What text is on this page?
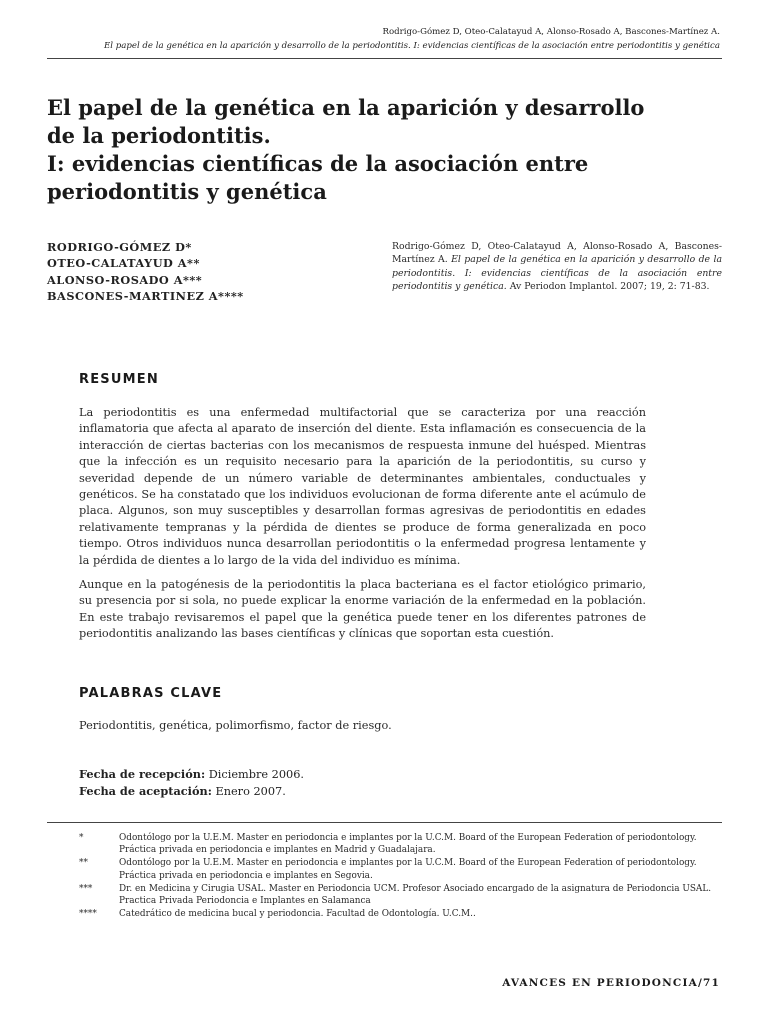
Rodrigo-Gómez D, Oteo-Calatayud A, Alonso-Rosado A, Bascones-Martínez A.
El papel de la genética en la aparición y desarrollo de la periodontitis. I: evidencias científicas de la asociación entre periodontitis y genética
El papel de la genética en la aparición y desarrollo
de la periodontitis.
I: evidencias científicas de la asociación entre
periodontitis y genética
RODRIGO-GÓMEZ D*
OTEO-CALATAYUD A**
ALONSO-ROSADO A***
BASCONES-MARTINEZ A****
Rodrigo-Gómez D, Oteo-Calatayud A, Alonso-Rosado A, Bascones-Martínez A. El papel de la genética en la aparición y desarrollo de la periodontitis. I: evidencias científicas de la asociación entre periodontitis y genética. Av Periodon Implantol. 2007; 19, 2: 71-83.
RESUMEN
La periodontitis es una enfermedad multifactorial que se caracteriza por una reacción inflamatoria que afecta al aparato de inserción del diente. Esta inflamación es consecuencia de la interacción de ciertas bacterias con los mecanismos de respuesta inmune del huésped. Mientras que la infección es un requisito necesario para la aparición de la periodontitis, su curso y severidad depende de un número variable de determinantes ambientales, conductuales y genéticos. Se ha constatado que los individuos evolucionan de forma diferente ante el acúmulo de placa. Algunos, son muy susceptibles y desarrollan formas agresivas de periodontitis en edades relativamente tempranas y la pérdida de dientes se produce de forma generalizada en poco tiempo. Otros individuos nunca desarrollan periodontitis o la enfermedad progresa lentamente y la pérdida de dientes a lo largo de la vida del individuo es mínima.
Aunque en la patogénesis de la periodontitis la placa bacteriana es el factor etiológico primario, su presencia por si sola, no puede explicar la enorme variación de la enfermedad en la población. En este trabajo revisaremos el papel que la genética puede tener en los diferentes patrones de periodontitis analizando las bases científicas y clínicas que soportan esta cuestión.
PALABRAS CLAVE
Periodontitis, genética, polimorfismo, factor de riesgo.
Fecha de recepción: Diciembre 2006.
Fecha de aceptación: Enero 2007.
*	Odontólogo por la U.E.M. Master en periodoncia e implantes por la U.C.M. Board of the European Federation of periodontology. Práctica privada en periodoncia e implantes en Madrid y Guadalajara.
**	Odontólogo por la U.E.M. Master en periodoncia e implantes por la U.C.M. Board of the European Federation of periodontology. Práctica privada en periodoncia e implantes en Segovia.
***	Dr. en Medicina y Cirugia USAL. Master en Periodoncia UCM. Profesor Asociado encargado de la asignatura de Periodoncia USAL. Practica Privada Periodoncia e Implantes en Salamanca
****	Catedrático de medicina bucal y periodoncia. Facultad de Odontología. U.C.M..
AVANCES EN PERIODONCIA/71
